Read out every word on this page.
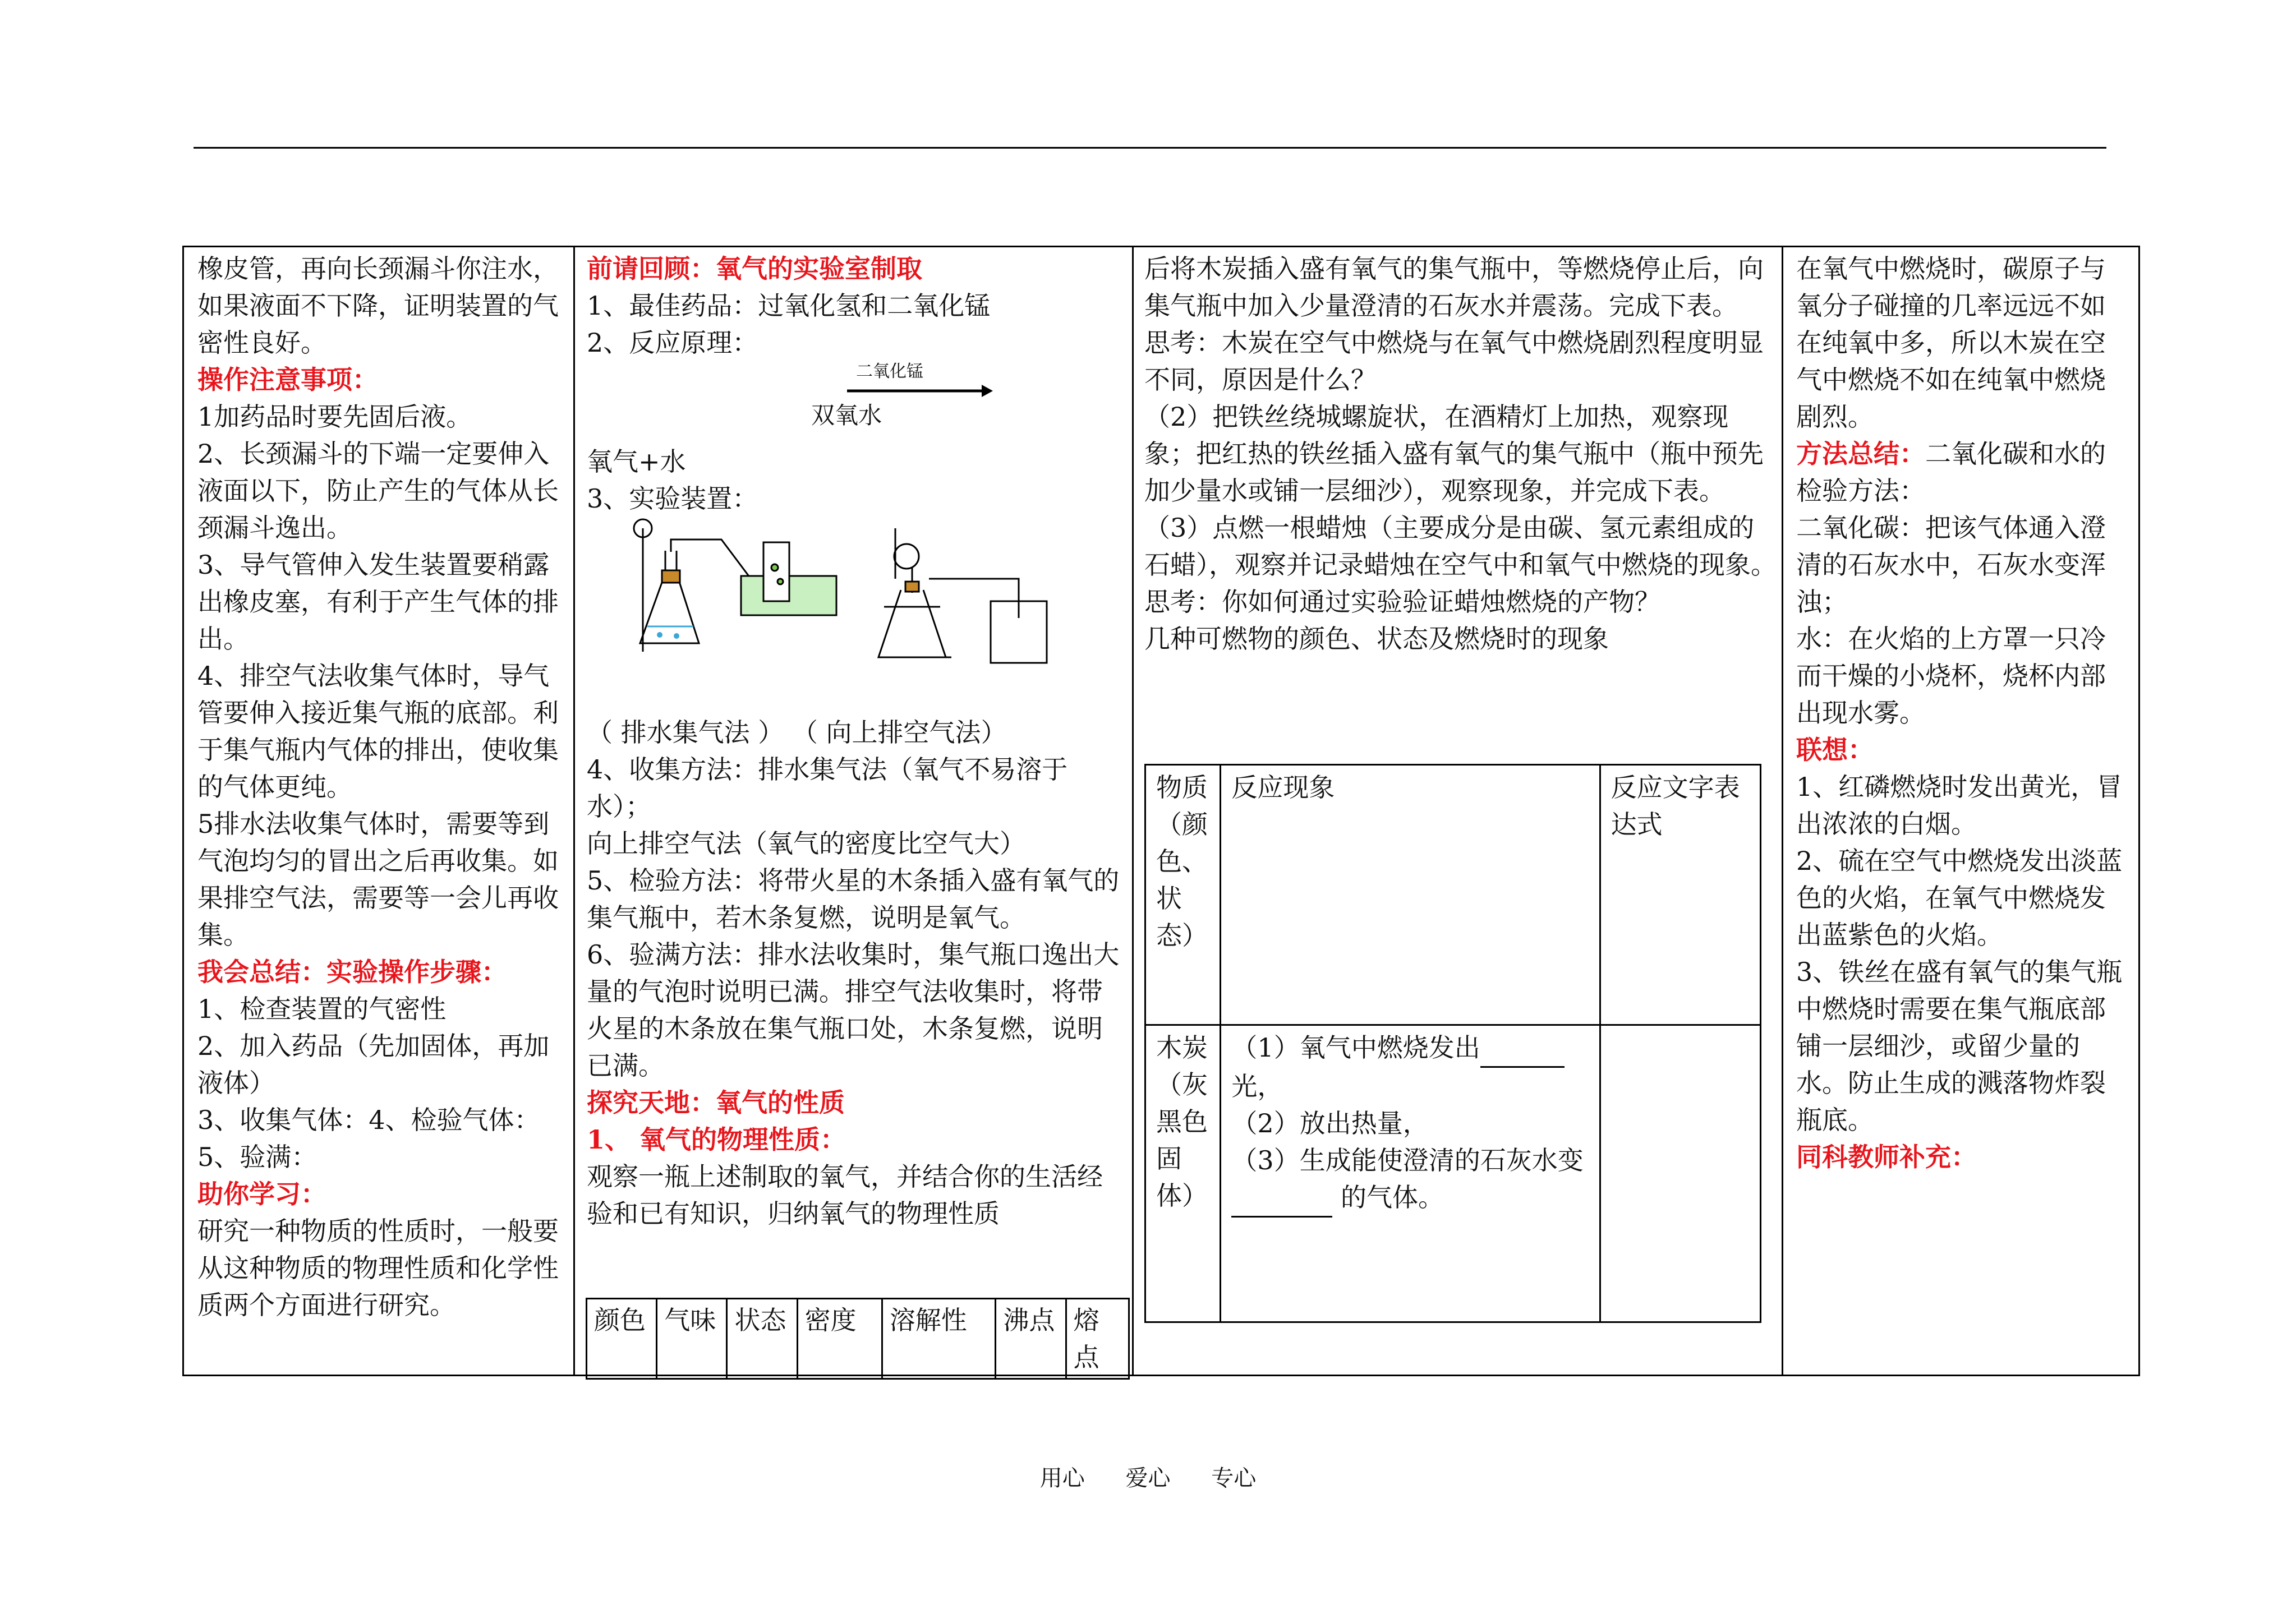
橡皮管，再向长颈漏斗你注水，如果液面不下降，证明装置的气密性良好。

操作注意事项：

1加药品时要先固后液。

2、长颈漏斗的下端一定要伸入液面以下，防止产生的气体从长颈漏斗逸出。

3、导气管伸入发生装置要稍露出橡皮塞，有利于产生气体的排出。

4、排空气法收集气体时，导气管要伸入接近集气瓶的底部。利于集气瓶内气体的排出，使收集的气体更纯。

5排水法收集气体时，需要等到气泡均匀的冒出之后再收集。如果排空气法，需要等一会儿再收集。

我会总结：实验操作步骤：

1、检查装置的气密性

2、加入药品（先加固体，再加液体）

3、收集气体：4、检验气体：

5、验满：

助你学习：

研究一种物质的性质时，一般要从这种物质的物理性质和化学性质两个方面进行研究。

前请回顾：氧气的实验室制取

1、最佳药品：过氧化氢和二氧化锰

2、反应原理：

二氧化锰
双氧水

氧气+水

3、实验装置：

（ 排水集气法 ） （ 向上排空气法）

4、收集方法：排水集气法（氧气不易溶于水）；

向上排空气法（氧气的密度比空气大）

5、检验方法：将带火星的木条插入盛有氧气的集气瓶中，若木条复燃，说明是氧气。

6、验满方法：排水法收集时，集气瓶口逸出大量的气泡时说明已满。排空气法收集时，将带火星的木条放在集气瓶口处，木条复燃，说明已满。

探究天地：氧气的性质

1、 氧气的物理性质：

观察一瓶上述制取的氧气，并结合你的生活经验和已有知识，归纳氧气的物理性质

颜色	气味	状态	密度	溶解性	沸点	熔点

后将木炭插入盛有氧气的集气瓶中，等燃烧停止后，向集气瓶中加入少量澄清的石灰水并震荡。完成下表。

思考：木炭在空气中燃烧与在氧气中燃烧剧烈程度明显不同，原因是什么？

（2）把铁丝绕城螺旋状，在酒精灯上加热，观察现象；把红热的铁丝插入盛有氧气的集气瓶中（瓶中预先加少量水或铺一层细沙），观察现象，并完成下表。

（3）点燃一根蜡烛（主要成分是由碳、氢元素组成的石蜡），观察并记录蜡烛在空气中和氧气中燃烧的现象。

思考：你如何通过实验验证蜡烛燃烧的产物？

几种可燃物的颜色、状态及燃烧时的现象

物质（颜色、状态）	反应现象	反应文字表达式
木炭（灰黑色固体）	（1）氧气中燃烧发出
光，
（2）放出热量，
（3）生成能使澄清的石灰水变  的气体。	

在氧气中燃烧时，碳原子与氧分子碰撞的几率远远不如在纯氧中多，所以木炭在空气中燃烧不如在纯氧中燃烧剧烈。

方法总结：二氧化碳和水的检验方法：

二氧化碳：把该气体通入澄清的石灰水中，石灰水变浑浊；

水：在火焰的上方罩一只冷而干燥的小烧杯，烧杯内部出现水雾。

联想：

1、红磷燃烧时发出黄光，冒出浓浓的白烟。

2、硫在空气中燃烧发出淡蓝色的火焰，在氧气中燃烧发出蓝紫色的火焰。

3、铁丝在盛有氧气的集气瓶中燃烧时需要在集气瓶底部铺一层细沙，或留少量的水。防止生成的溅落物炸裂瓶底。

同科教师补充：

用心 爱心 专心
